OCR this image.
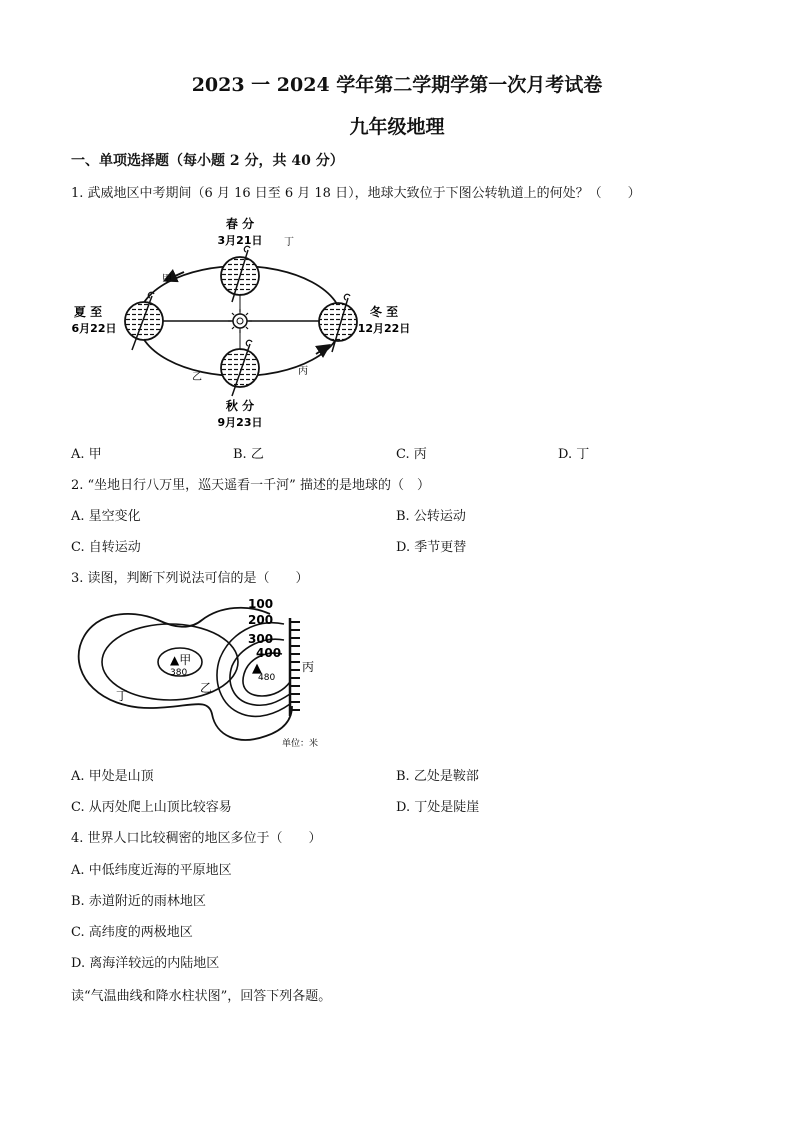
2023 一 2024 学年第二学期学第一次月考试卷
九年级地理
一、单项选择题（每小题 2 分，共 40 分）
1. 武威地区中考期间（6 月 16 日至 6 月 18 日），地球大致位于下图公转轨道上的何处？（　　）
春 分
3月21日
夏 至
6月22日
冬 至
12月22日
秋 分
9月23日
甲
乙
丙
丁
A. 甲	B. 乙	C. 丙	D. 丁
2. “坐地日行八万里，巡天遥看一千河” 描述的是地球的（　）
A. 星空变化	B. 公转运动
C. 自转运动	D. 季节更替
3. 读图，判断下列说法可信的是（　　）
100
200
300
400
▲甲
380	▲
480
乙
丙
丁
单位：米
A. 甲处是山顶	B. 乙处是鞍部
C. 从丙处爬上山顶比较容易	D. 丁处是陡崖
4. 世界人口比较稠密的地区多位于（　　）
A. 中低纬度近海的平原地区
B. 赤道附近的雨林地区
C. 高纬度的两极地区
D. 离海洋较远的内陆地区
读“气温曲线和降水柱状图”，回答下列各题。
